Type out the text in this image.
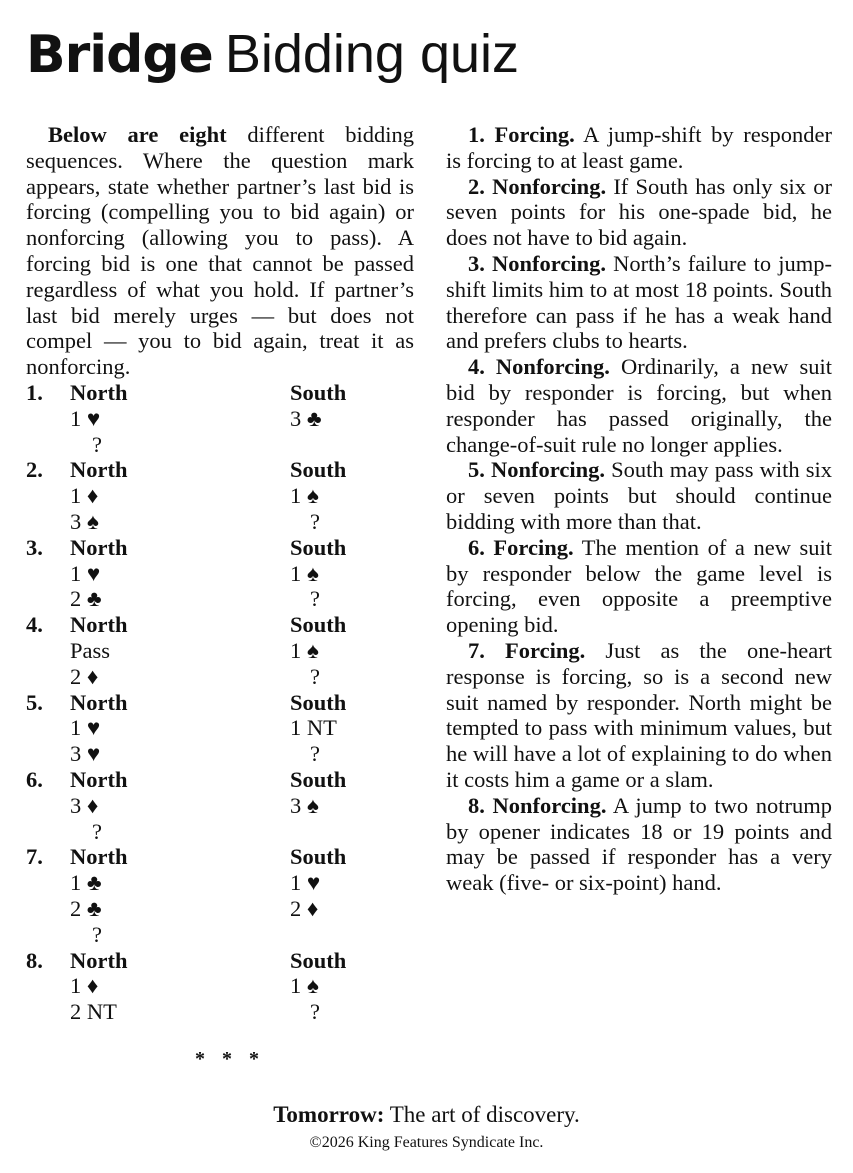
Bridge Bidding quiz

Below are eight different bidding sequences. Where the question mark appears, state whether partner’s last bid is forcing (compelling you to bid again) or nonforcing (allowing you to pass). A forcing bid is one that cannot be passed regardless of what you hold. If partner’s last bid merely urges — but does not compel — you to bid again, treat it as nonforcing.

1. North	South
1 ♥	3 ♣
?
2. North	South
1 ♦	1 ♠
3 ♠	?
3. North	South
1 ♥	1 ♠
2 ♣	?
4. North	South
Pass	1 ♠
2 ♦	?
5. North	South
1 ♥	1 NT
3 ♥	?
6. North	South
3 ♦	3 ♠
?
7. North	South
1 ♣	1 ♥
2 ♣	2 ♦
?
8. North	South
1 ♦	1 ♠
2 NT	?
* * *

1. Forcing. A jump-shift by responder is forcing to at least game.

2. Nonforcing. If South has only six or seven points for his one-spade bid, he does not have to bid again.

3. Nonforcing. North’s failure to jump-shift limits him to at most 18 points. South therefore can pass if he has a weak hand and prefers clubs to hearts.

4. Nonforcing. Ordinarily, a new suit bid by responder is forcing, but when responder has passed originally, the change-of-suit rule no longer applies.

5. Nonforcing. South may pass with six or seven points but should continue bidding with more than that.

6. Forcing. The mention of a new suit by responder below the game level is forcing, even opposite a preemptive opening bid.

7. Forcing. Just as the one-heart response is forcing, so is a second new suit named by responder. North might be tempted to pass with minimum values, but he will have a lot of explaining to do when it costs him a game or a slam.

8. Nonforcing. A jump to two notrump by opener indicates 18 or 19 points and may be passed if responder has a very weak (five- or six-point) hand.

Tomorrow: The art of discovery.
©2026 King Features Syndicate Inc.
